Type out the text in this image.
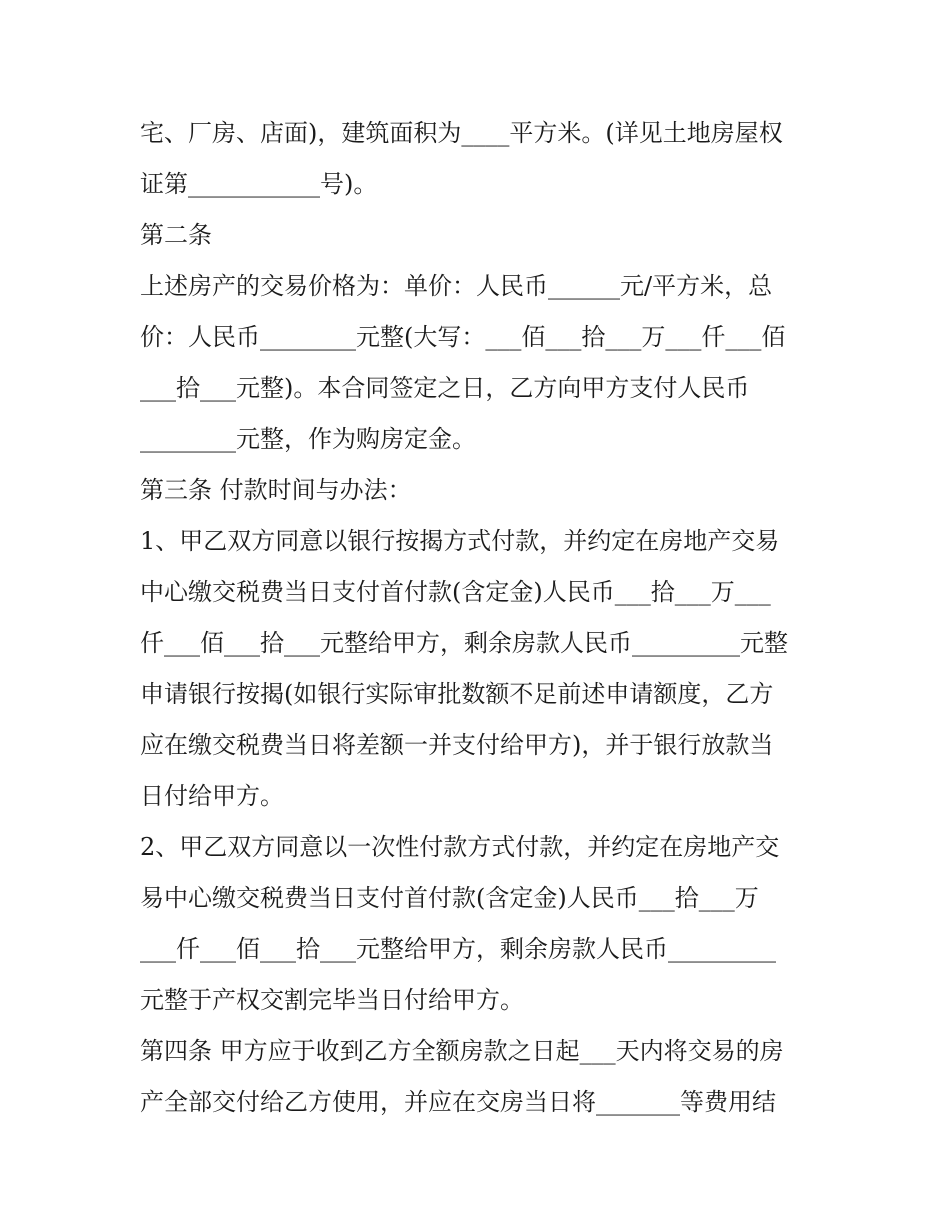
宅、厂房、店面)，建筑面积为____平方米。(详见土地房屋权
证第___________号)。
第二条
上述房产的交易价格为：单价：人民币______元/平方米，总
价：人民币________元整(大写：___佰___拾___万___仟___佰
___拾___元整)。本合同签定之日，乙方向甲方支付人民币
________元整，作为购房定金。
第三条 付款时间与办法：
1、甲乙双方同意以银行按揭方式付款，并约定在房地产交易
中心缴交税费当日支付首付款(含定金)人民币___拾___万___
仟___佰___拾___元整给甲方，剩余房款人民币_________元整
申请银行按揭(如银行实际审批数额不足前述申请额度，乙方
应在缴交税费当日将差额一并支付给甲方)，并于银行放款当
日付给甲方。
2、甲乙双方同意以一次性付款方式付款，并约定在房地产交
易中心缴交税费当日支付首付款(含定金)人民币___拾___万
___仟___佰___拾___元整给甲方，剩余房款人民币_________
元整于产权交割完毕当日付给甲方。
第四条 甲方应于收到乙方全额房款之日起___天内将交易的房
产全部交付给乙方使用，并应在交房当日将_______等费用结
